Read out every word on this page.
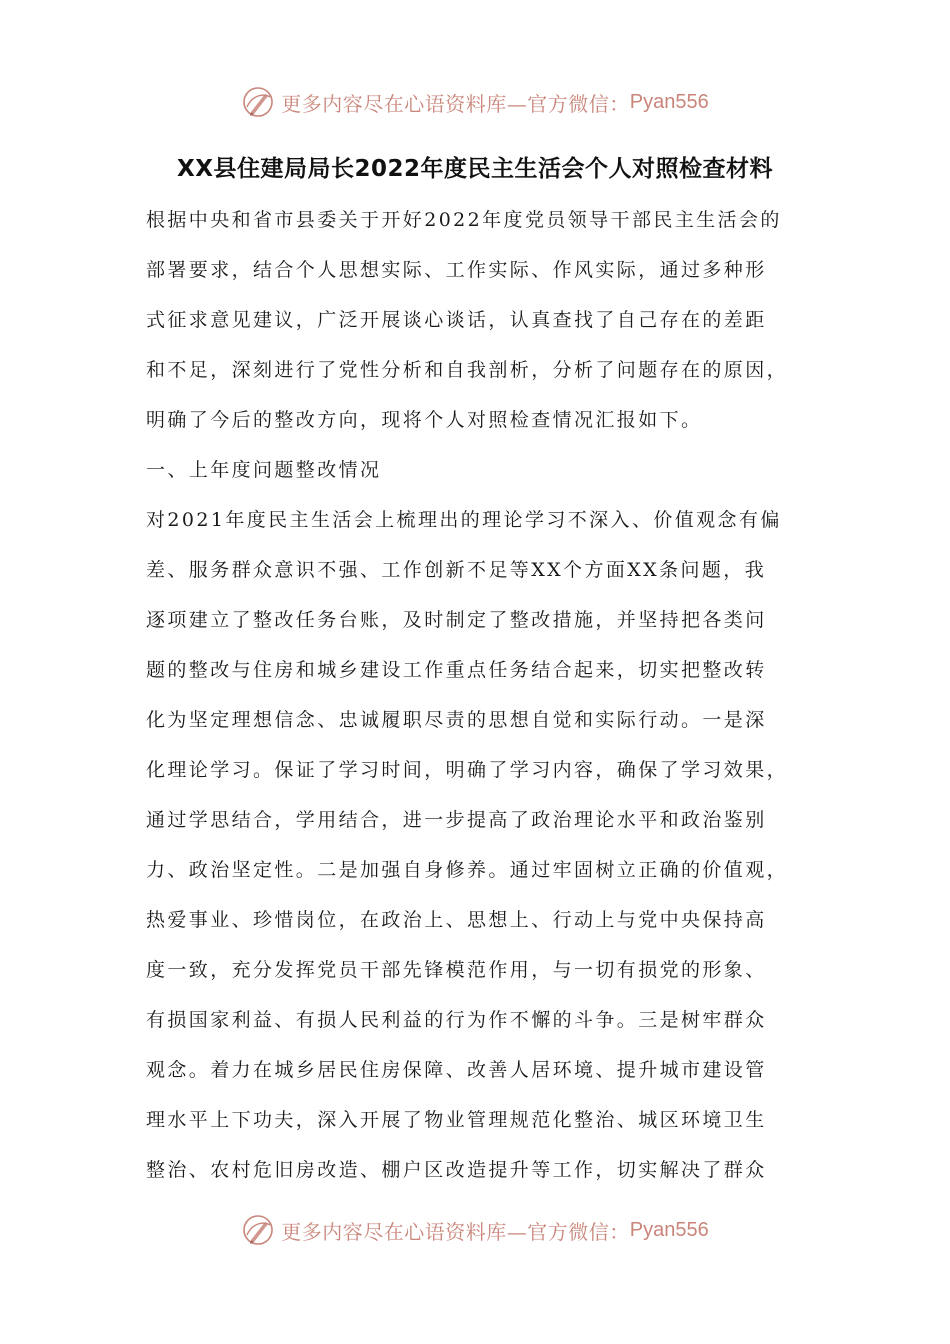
更多内容尽在心语资料库—官方微信： Pyan556
XX县住建局局长2022年度民主生活会个人对照检查材料
根据中央和省市县委关于开好2022年度党员领导干部民主生活会的
部署要求，结合个人思想实际、工作实际、作风实际，通过多种形
式征求意见建议，广泛开展谈心谈话，认真查找了自己存在的差距
和不足，深刻进行了党性分析和自我剖析，分析了问题存在的原因，
明确了今后的整改方向，现将个人对照检查情况汇报如下。
一、上年度问题整改情况
对2021年度民主生活会上梳理出的理论学习不深入、价值观念有偏
差、服务群众意识不强、工作创新不足等XX个方面XX条问题，我
逐项建立了整改任务台账，及时制定了整改措施，并坚持把各类问
题的整改与住房和城乡建设工作重点任务结合起来，切实把整改转
化为坚定理想信念、忠诚履职尽责的思想自觉和实际行动。一是深
化理论学习。保证了学习时间，明确了学习内容，确保了学习效果，
通过学思结合，学用结合，进一步提高了政治理论水平和政治鉴别
力、政治坚定性。二是加强自身修养。通过牢固树立正确的价值观，
热爱事业、珍惜岗位，在政治上、思想上、行动上与党中央保持高
度一致，充分发挥党员干部先锋模范作用，与一切有损党的形象、
有损国家利益、有损人民利益的行为作不懈的斗争。三是树牢群众
观念。着力在城乡居民住房保障、改善人居环境、提升城市建设管
理水平上下功夫，深入开展了物业管理规范化整治、城区环境卫生
整治、农村危旧房改造、棚户区改造提升等工作，切实解决了群众
更多内容尽在心语资料库—官方微信： Pyan556
